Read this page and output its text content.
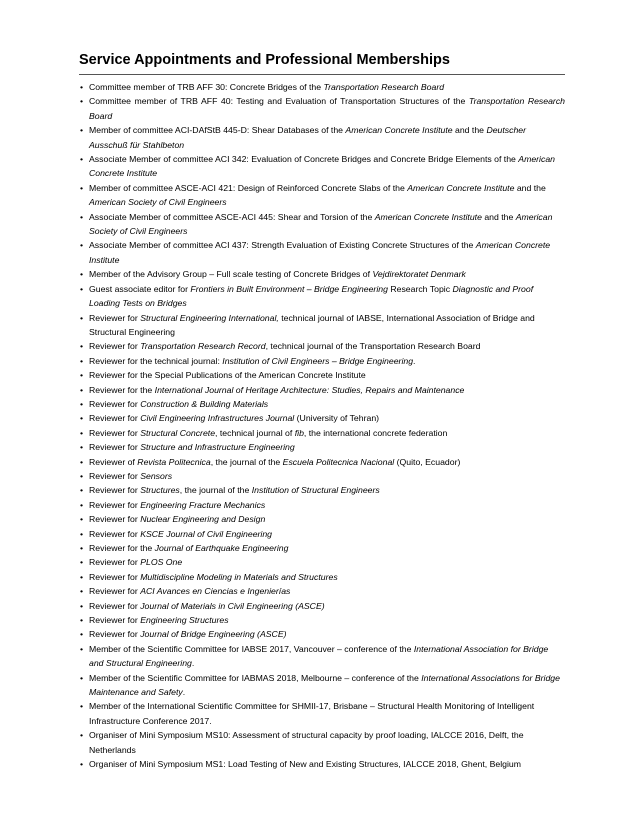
Service Appointments and Professional Memberships
• Committee member of TRB AFF 30: Concrete Bridges of the Transportation Research Board
• Committee member of TRB AFF 40: Testing and Evaluation of Transportation Structures of the Transportation Research Board
• Member of committee ACI-DAfStB 445-D: Shear Databases of the American Concrete Institute and the Deutscher Ausschuß für Stahlbeton
• Associate Member of committee ACI 342: Evaluation of Concrete Bridges and Concrete Bridge Elements of the American Concrete Institute
• Member of committee ASCE-ACI 421: Design of Reinforced Concrete Slabs of the American Concrete Institute and the American Society of Civil Engineers
• Associate Member of committee ASCE-ACI 445: Shear and Torsion of the American Concrete Institute and the American Society of Civil Engineers
• Associate Member of committee ACI 437: Strength Evaluation of Existing Concrete Structures of the American Concrete Institute
• Member of the Advisory Group – Full scale testing of Concrete Bridges of Vejdirektoratet Denmark
• Guest associate editor for Frontiers in Built Environment – Bridge Engineering Research Topic Diagnostic and Proof Loading Tests on Bridges
• Reviewer for Structural Engineering International, technical journal of IABSE, International Association of Bridge and Structural Engineering
• Reviewer for Transportation Research Record, technical journal of the Transportation Research Board
• Reviewer for the technical journal: Institution of Civil Engineers – Bridge Engineering.
• Reviewer for the Special Publications of the American Concrete Institute
• Reviewer for the International Journal of Heritage Architecture: Studies, Repairs and Maintenance
• Reviewer for Construction & Building Materials
• Reviewer for Civil Engineering Infrastructures Journal (University of Tehran)
• Reviewer for Structural Concrete, technical journal of fib, the international concrete federation
• Reviewer for Structure and Infrastructure Engineering
• Reviewer of Revista Politecnica, the journal of the Escuela Politecnica Nacional (Quito, Ecuador)
• Reviewer for Sensors
• Reviewer for Structures, the journal of the Institution of Structural Engineers
• Reviewer for Engineering Fracture Mechanics
• Reviewer for Nuclear Engineering and Design
• Reviewer for KSCE Journal of Civil Engineering
• Reviewer for the Journal of Earthquake Engineering
• Reviewer for PLOS One
• Reviewer for Multidiscipline Modeling in Materials and Structures
• Reviewer for ACI Avances en Ciencias e Ingenierías
• Reviewer for Journal of Materials in Civil Engineering (ASCE)
• Reviewer for Engineering Structures
• Reviewer for Journal of Bridge Engineering (ASCE)
• Member of the Scientific Committee for IABSE 2017, Vancouver – conference of the International Association for Bridge and Structural Engineering.
• Member of the Scientific Committee for IABMAS 2018, Melbourne – conference of the International Associations for Bridge Maintenance and Safety.
• Member of the International Scientific Committee for SHMII-17, Brisbane – Structural Health Monitoring of Intelligent Infrastructure Conference 2017.
• Organiser of Mini Symposium MS10: Assessment of structural capacity by proof loading, IALCCE 2016, Delft, the Netherlands
• Organiser of Mini Symposium MS1: Load Testing of New and Existing Structures, IALCCE 2018, Ghent, Belgium
